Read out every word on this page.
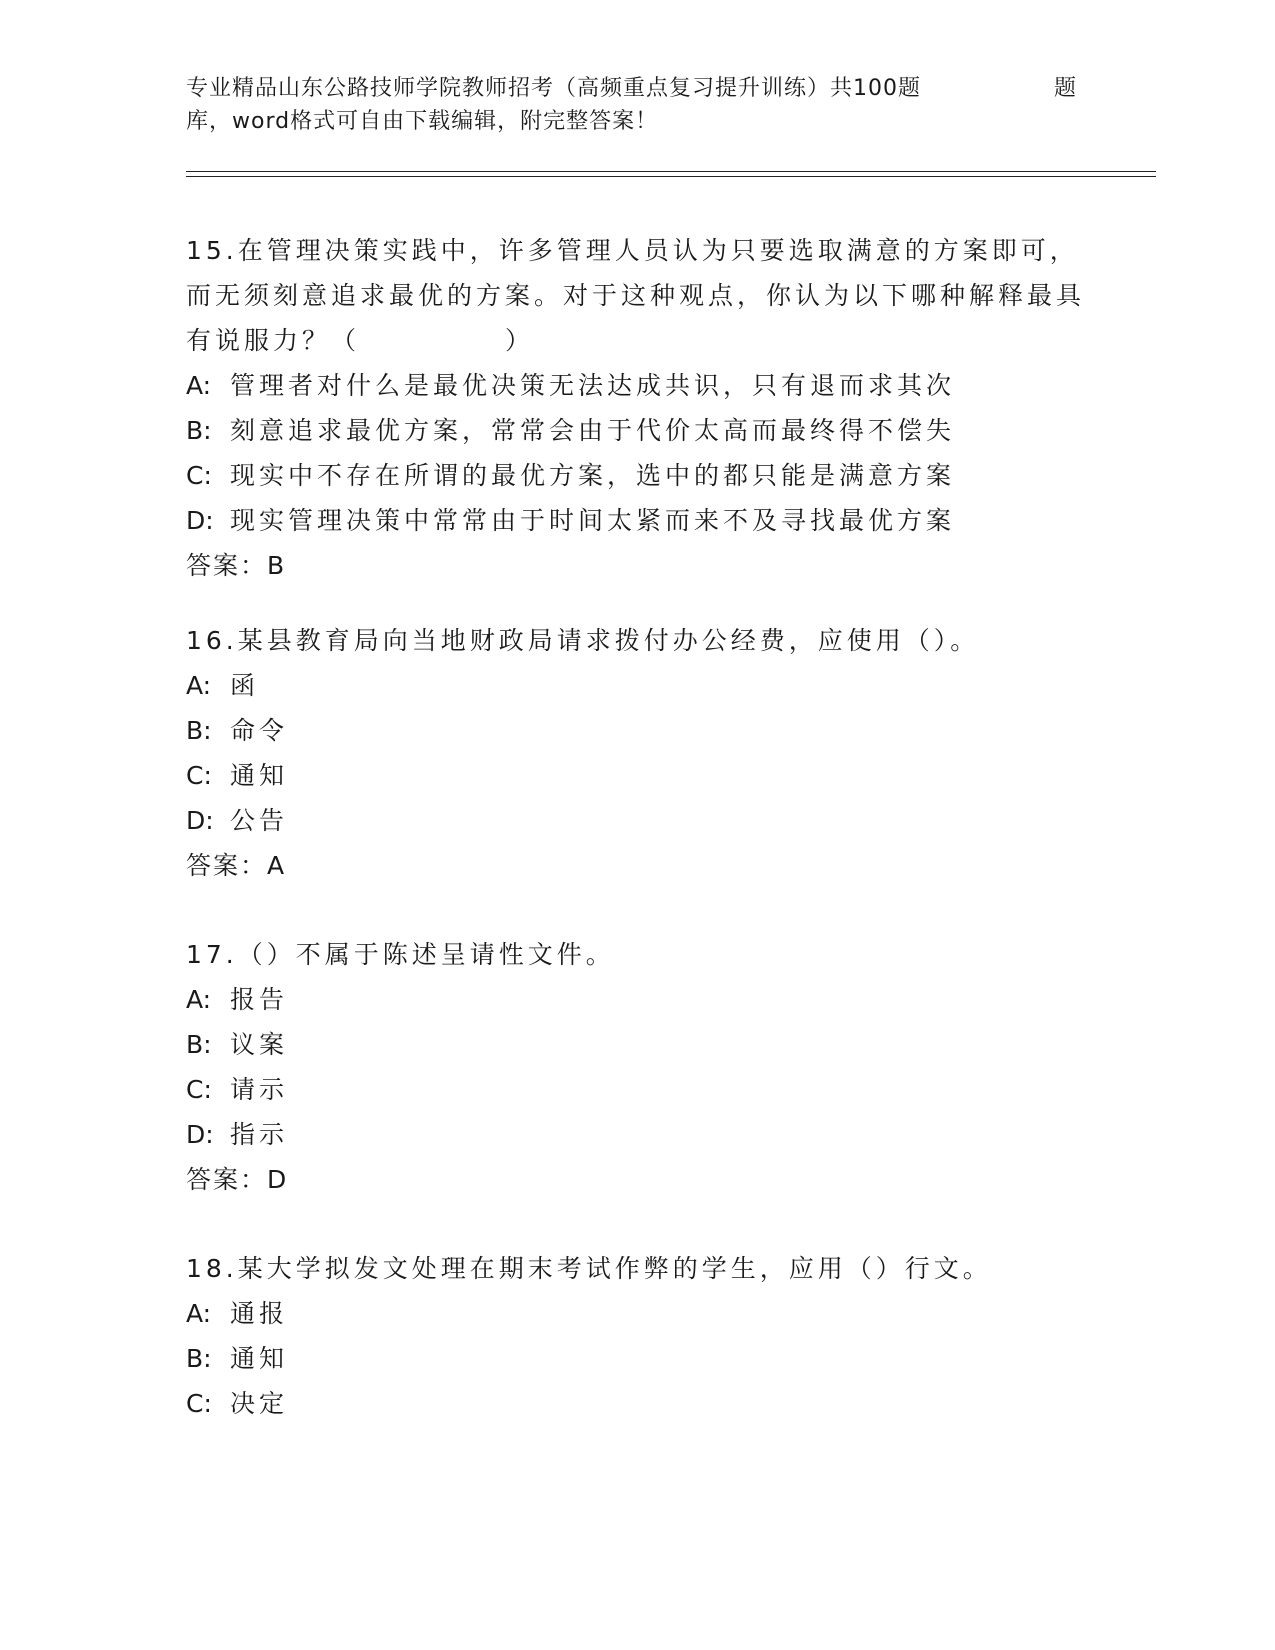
专业精品山东公路技师学院教师招考（高频重点复习提升训练）共100题	题
库，word格式可自由下载编辑，附完整答案！
15.在管理决策实践中，许多管理人员认为只要选取满意的方案即可，而无须刻意追求最优的方案。对于这种观点，你认为以下哪种解释最具有说服力？（　　　　　）
A: 管理者对什么是最优决策无法达成共识，只有退而求其次
B: 刻意追求最优方案，常常会由于代价太高而最终得不偿失
C: 现实中不存在所谓的最优方案，选中的都只能是满意方案
D: 现实管理决策中常常由于时间太紧而来不及寻找最优方案
答案：B
16.某县教育局向当地财政局请求拨付办公经费，应使用（）。
A: 函
B: 命令
C: 通知
D: 公告
答案：A
17.（）不属于陈述呈请性文件。
A: 报告
B: 议案
C: 请示
D: 指示
答案：D
18.某大学拟发文处理在期末考试作弊的学生，应用（）行文。
A: 通报
B: 通知
C: 决定
